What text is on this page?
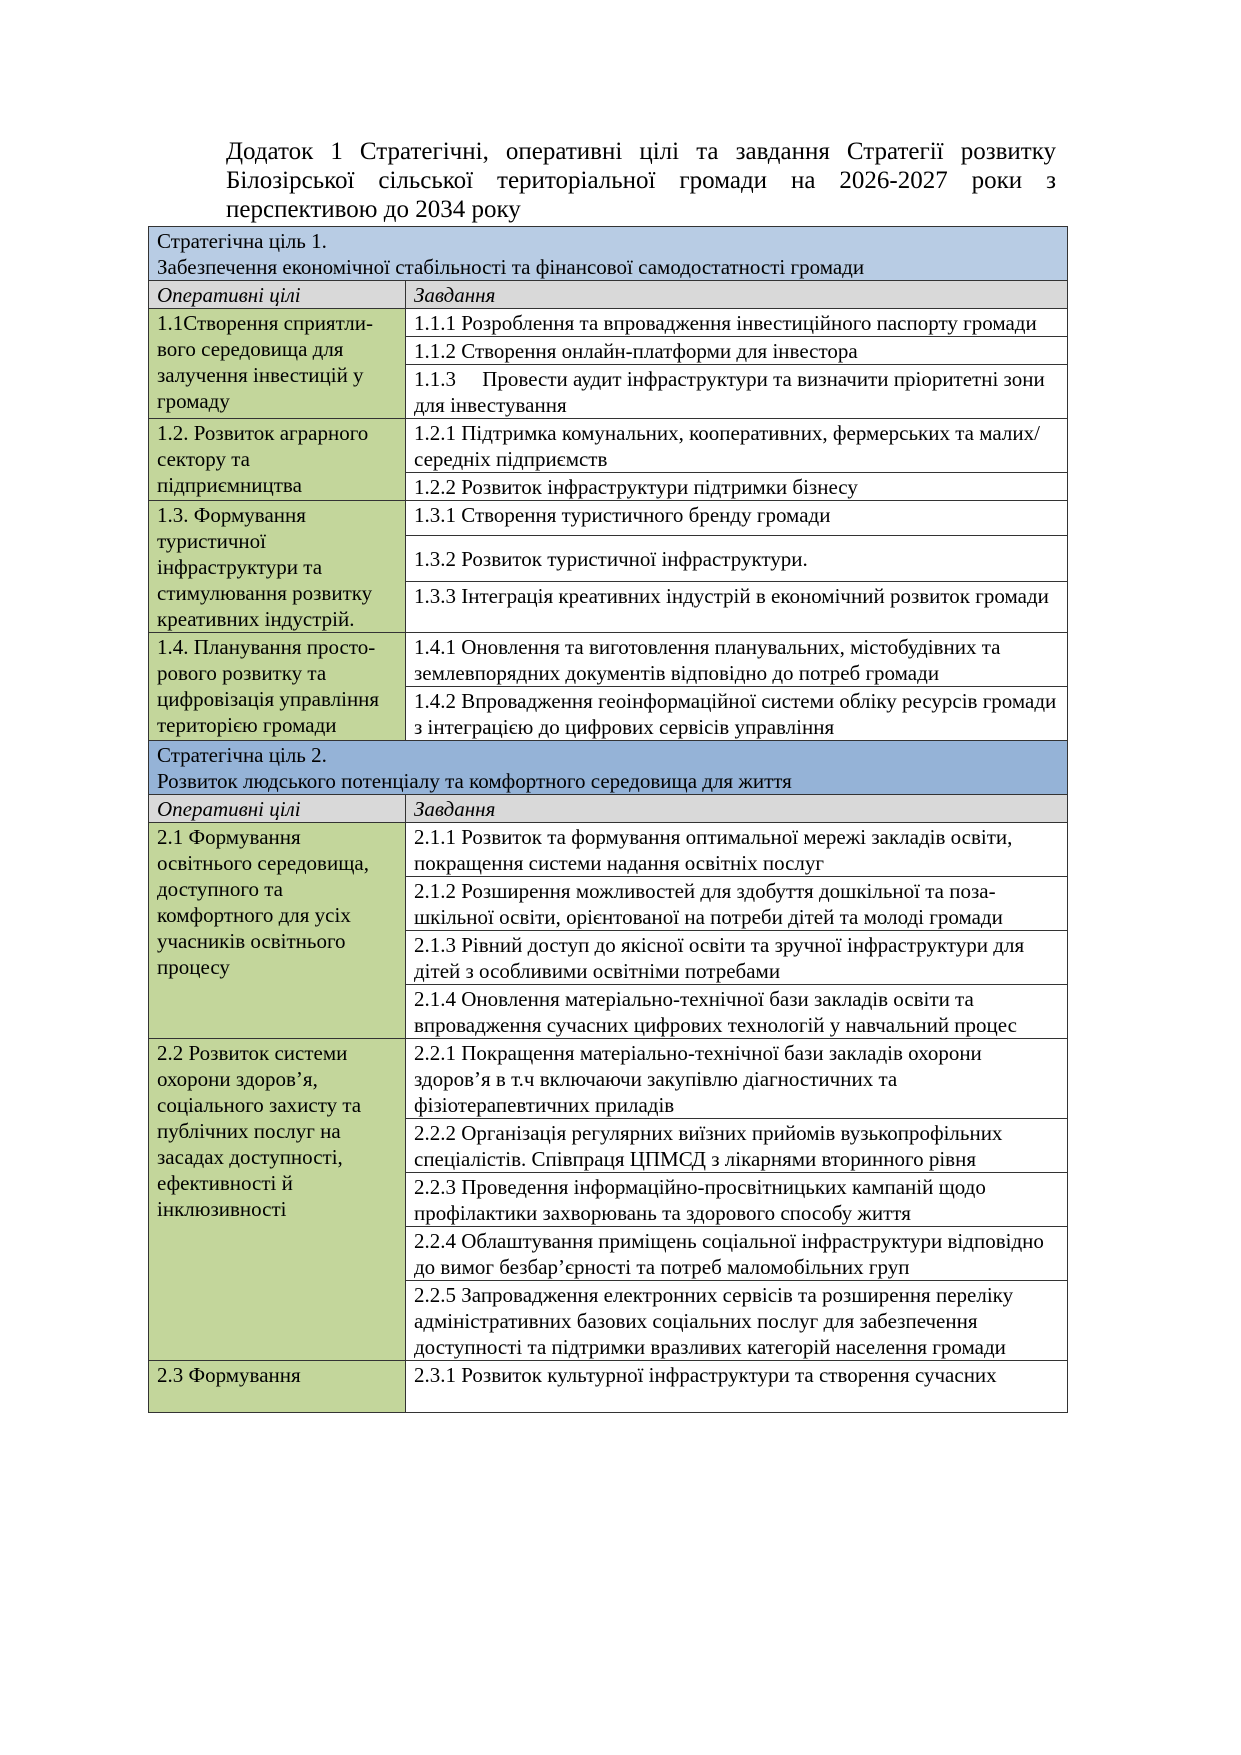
Додаток 1 Стратегічні, оперативні цілі та завдання Стратегії розвитку Білозірської сільської територіальної громади на 2026-2027 роки з перспективою до 2034 року
Стратегічна ціль 1.
Забезпечення економічної стабільності та фінансової самодостатності громади	

Оперативні цілі	Завдання
1.1Створення сприятли-вого середовища для залучення інвестицій у громаду	1.1.1 Розроблення та впровадження інвестиційного паспорту громади
	1.1.2 Створення онлайн-платформи для інвестора
	1.1.3     Провести аудит інфраструктури та визначити пріоритетні зони для інвестування
1.2. Розвиток аграрного сектору та підприємництва	1.2.1 Підтримка комунальних, кооперативних, фермерських та малих/середніх підприємств
	1.2.2 Розвиток інфраструктури підтримки бізнесу
1.3. Формування туристичної інфраструктури та стимулювання розвитку креативних індустрій.	1.3.1 Створення туристичного бренду громади
	1.3.2 Розвиток туристичної інфраструктури.
	1.3.3 Інтеграція креативних індустрій в економічний розвиток громади
1.4. Планування просто-рового розвитку та цифровізація управління територією громади	1.4.1 Оновлення та виготовлення планувальних, містобудівних та землевпорядних документів відповідно до потреб громади
	1.4.2 Впровадження геоінформаційної системи обліку ресурсів громади з інтеграцією до цифрових сервісів управління

Стратегічна ціль 2.
Розвиток людського потенціалу та комфортного середовища для життя	

Оперативні цілі	Завдання
2.1 Формування освітнього середовища, доступного та комфортного для усіх учасників освітнього процесу	2.1.1 Розвиток та формування оптимальної мережі закладів освіти, покращення системи надання освітніх послуг
	2.1.2 Розширення можливостей для здобуття дошкільної та поза-шкільної освіти, орієнтованої на потреби дітей та молоді громади
	2.1.3 Рівний доступ до якісної освіти та зручної інфраструктури для дітей з особливими освітніми потребами
	2.1.4 Оновлення матеріально-технічної бази закладів освіти та впровадження сучасних цифрових технологій у навчальний процес
2.2 Розвиток системи охорони здоров’я, соціального захисту та публічних послуг на засадах доступності, ефективності й інклюзивності	2.2.1 Покращення матеріально-технічної бази закладів охорони здоров’я в т.ч включаючи закупівлю діагностичних та фізіотерапевтичних приладів
	2.2.2 Організація регулярних виїзних прийомів вузькопрофільних спеціалістів. Співпраця ЦПМСД з лікарнями вторинного рівня
	2.2.3 Проведення інформаційно-просвітницьких кампаній щодо профілактики захворювань та здорового способу життя
	2.2.4 Облаштування приміщень соціальної інфраструктури відповідно до вимог безбар’єрності та потреб маломобільних груп
	2.2.5 Запровадження електронних сервісів та розширення переліку адміністративних базових соціальних послуг для забезпечення доступності та підтримки вразливих категорій населення громади
2.3 Формування	2.3.1 Розвиток культурної інфраструктури та створення сучасних
